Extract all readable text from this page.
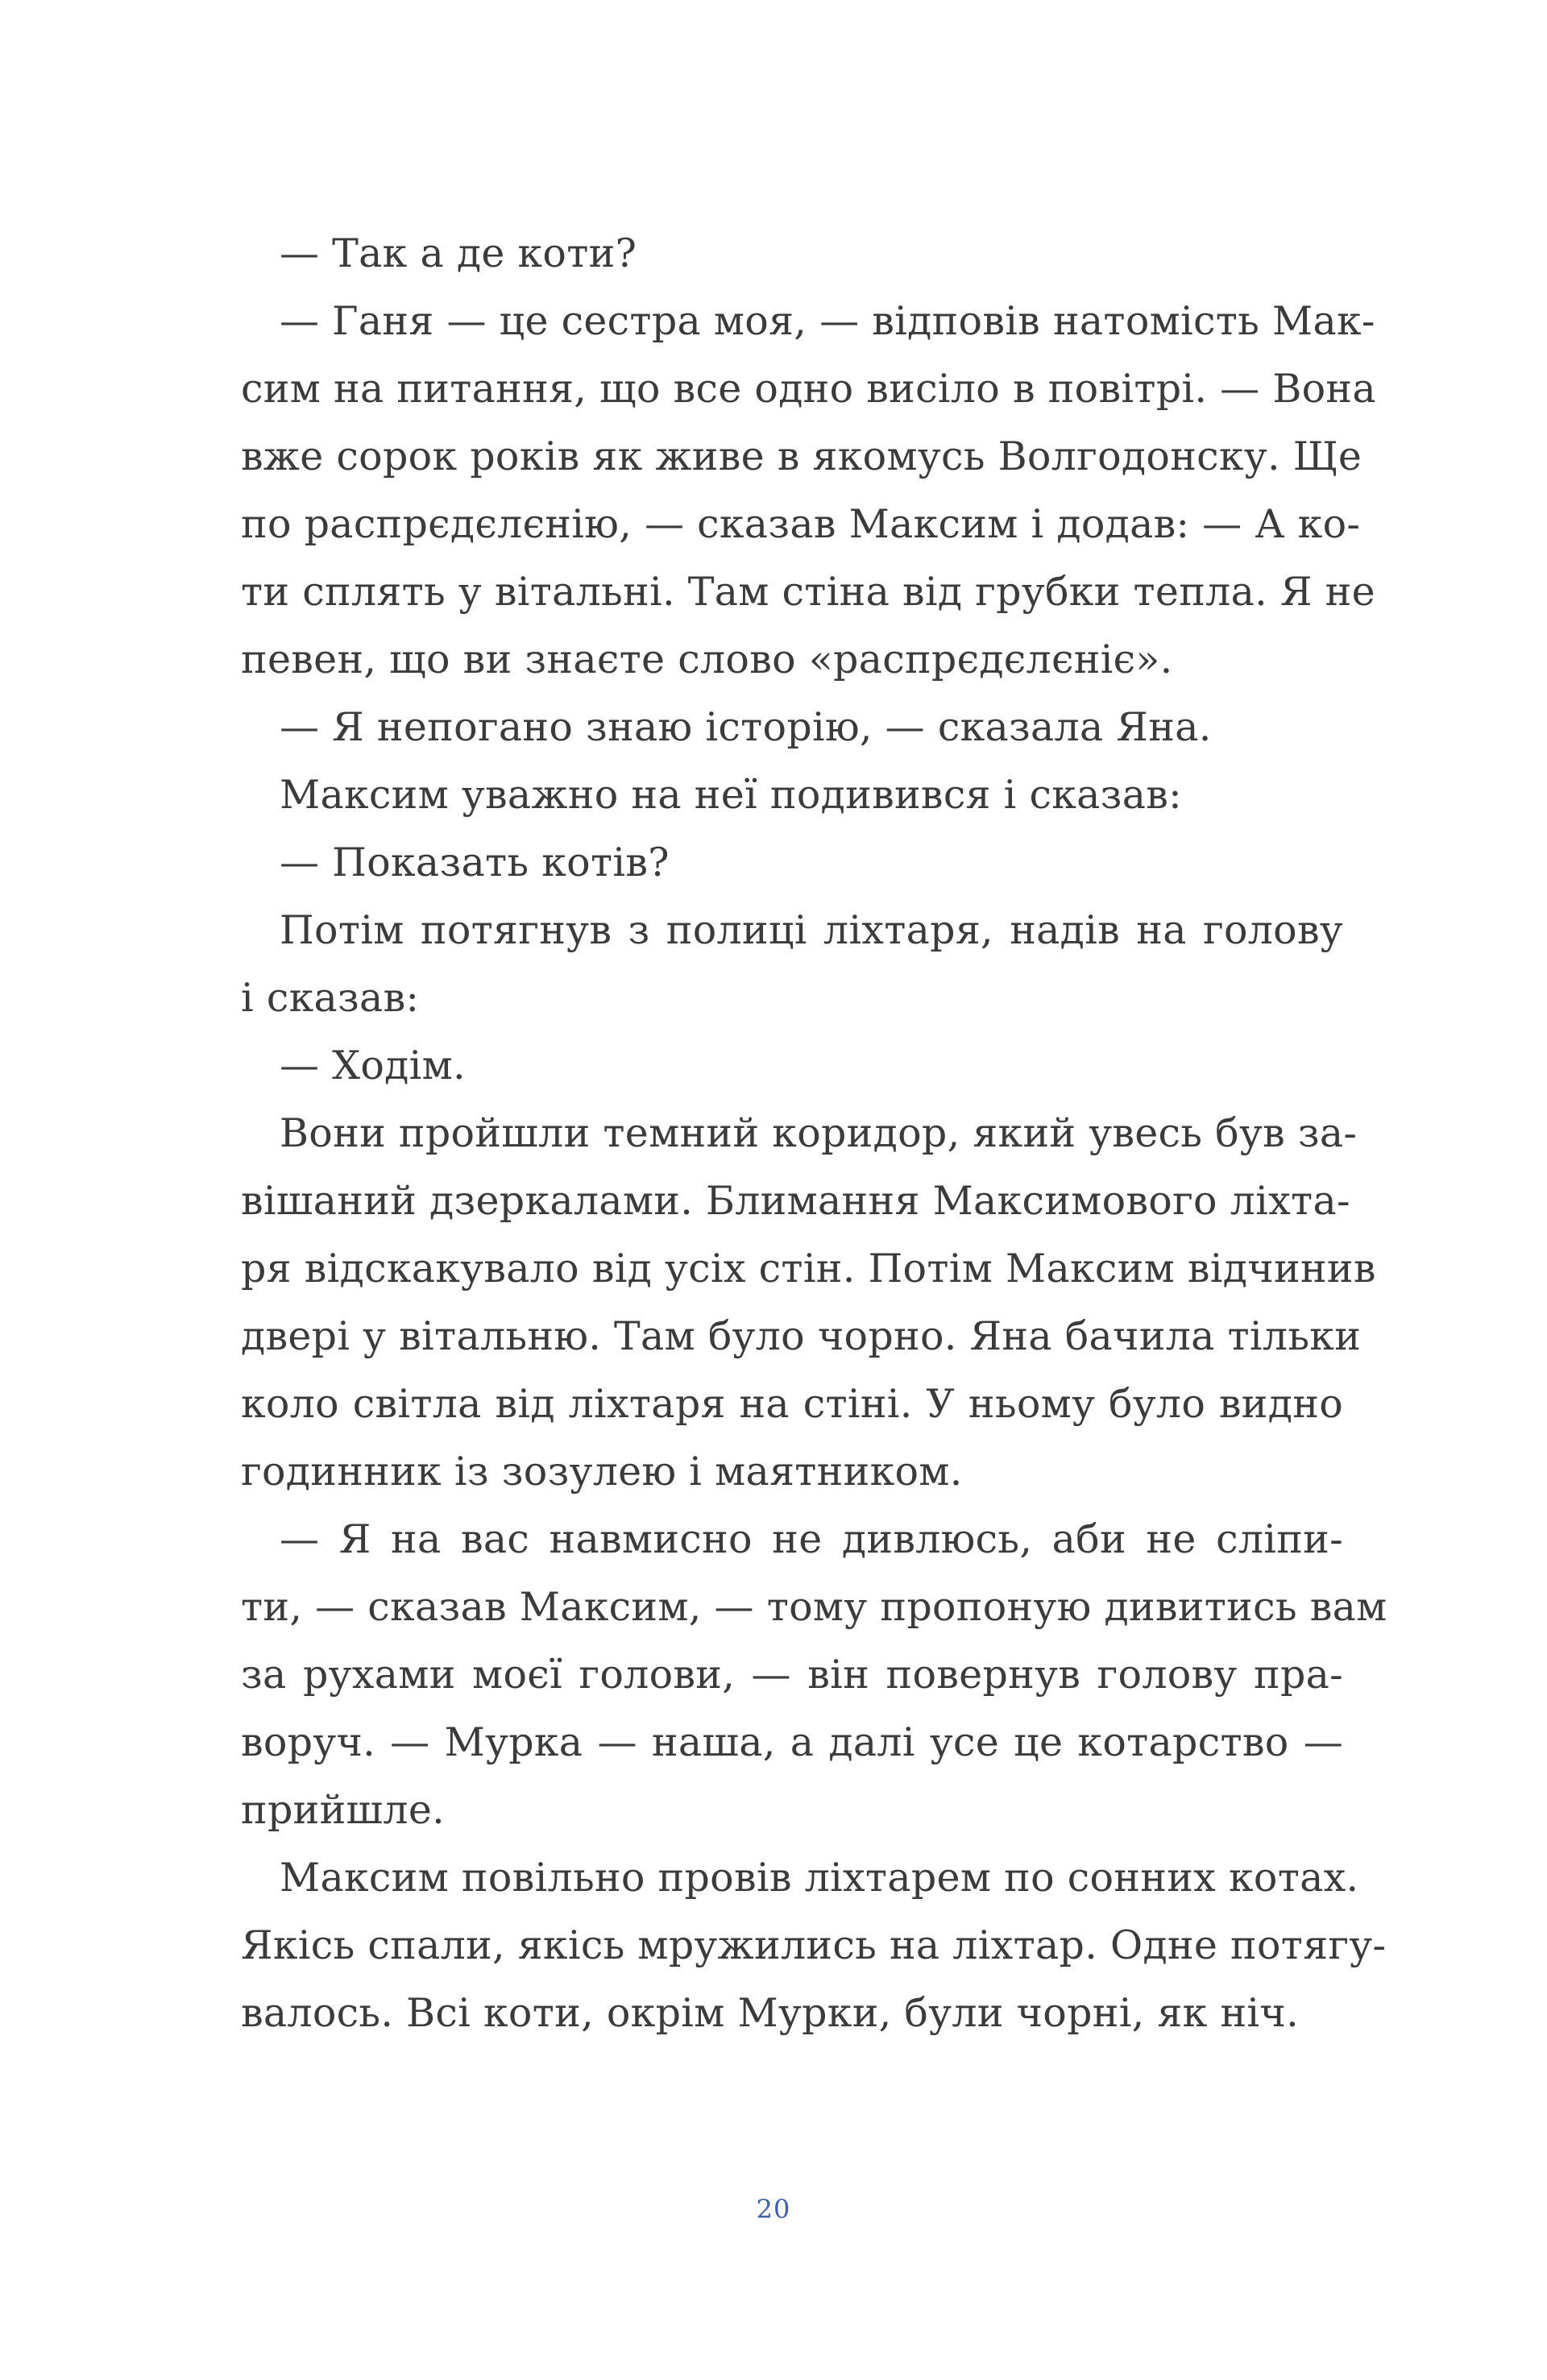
— Так а де коти?
— Ганя — це сестра моя, — відповів натомість Мак-
сим на питання, що все одно висіло в повітрі. — Вона
вже сорок років як живе в якомусь Волгодонску. Ще
по распрєдєлєнію, — сказав Максим і додав: — А ко-
ти сплять у вітальні. Там стіна від грубки тепла. Я не
певен, що ви знаєте слово «распрєдєлєніє».
— Я непогано знаю історію, — сказала Яна.
Максим уважно на неї подивився і сказав:
— Показать котів?
Потім потягнув з полиці ліхтаря, надів на голову
і сказав:
— Ходім.
Вони пройшли темний коридор, який увесь був за-
вішаний дзеркалами. Блимання Максимового ліхта-
ря відскакувало від усіх стін. Потім Максим відчинив
двері у вітальню. Там було чорно. Яна бачила тільки
коло світла від ліхтаря на стіні. У ньому було видно
годинник із зозулею і маятником.
— Я на вас навмисно не дивлюсь, аби не сліпи-
ти, — сказав Максим, — тому пропоную дивитись вам
за рухами моєї голови, — він повернув голову пра-
воруч. — Мурка — наша, а далі усе це котарство —
прийшле.
Максим повільно провів ліхтарем по сонних котах.
Якісь спали, якісь мружились на ліхтар. Одне потягу-
валось. Всі коти, окрім Мурки, були чорні, як ніч.
20
